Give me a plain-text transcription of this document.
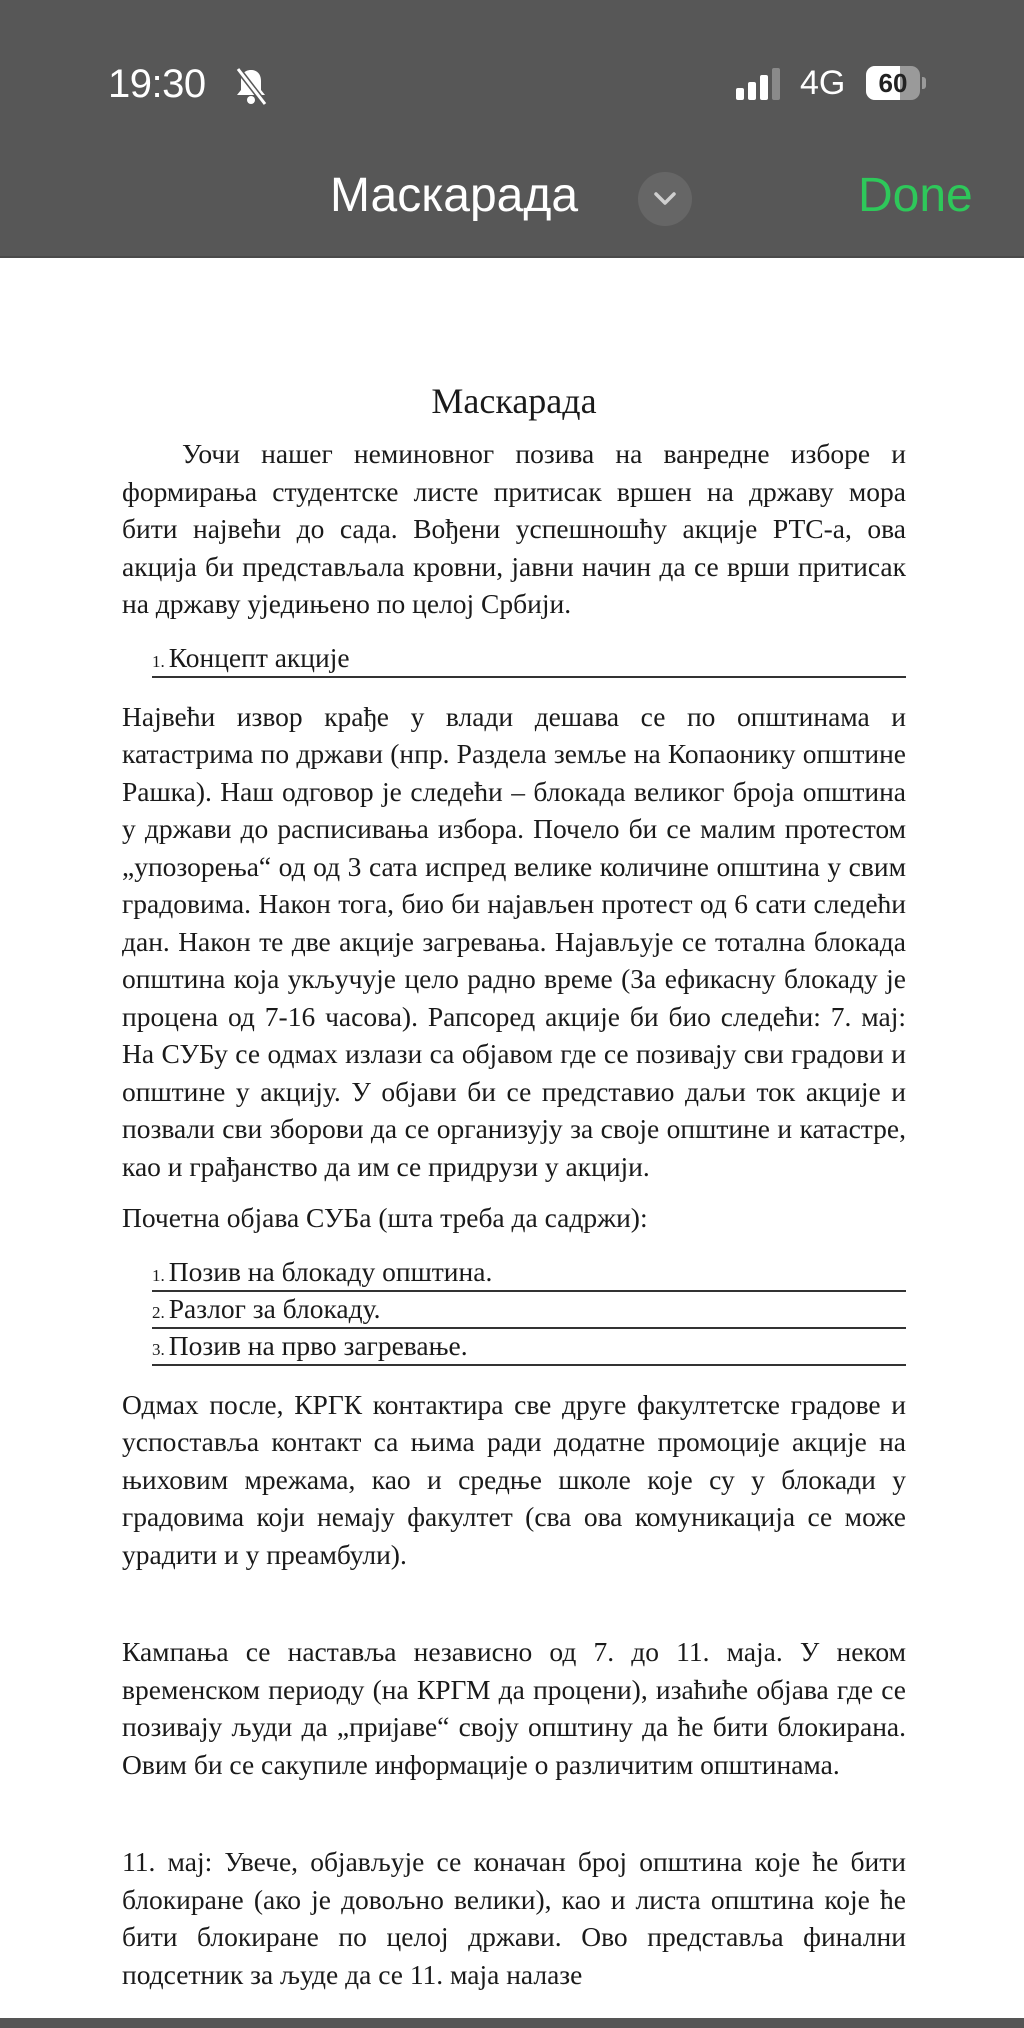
19:30	4G	60
Маскарада	Done
Маскарада

Уочи нашег неминовног позива на ванредне изборе и формирања студентске листе притисак вршен на државу мора бити највећи до сада. Вођени успешношћу акције РТС-а, ова акција би представљала кровни, јавни начин да се врши притисак на државу уједињено по целој Србији.

1. Концепт акције

Највећи извор крађе у влади дешава се по општинама и катастрима по држави (нпр. Раздела земље на Копаонику општине Рашка). Наш одговор је следећи – блокада великог броја општина у држави до расписивања избора. Почело би се малим протестом „упозорења“ од од 3 сата испред велике количине општина у свим градовима. Након тога, био би најављен протест од 6 сати следећи дан. Након те две акције загревања. Најављује се тотална блокада општина која укључује цело радно време (За ефикасну блокаду је процена од 7-16 часова). Рапсоред акције би био следећи: 7. мај: На СУБу се одмах излази са објавом где се позивају сви градови и општине у акцију. У објави би се представио даљи ток акције и позвали сви зборови да се организују за своје општине и катастре, као и грађанство да им се придрузи у акцији.

Почетна објава СУБа (шта треба да садржи):

1. Позив на блокаду општина.
2. Разлог за блокаду.
3. Позив на прво загревање.

Одмах после, КРГК контактира све друге факултетске градове и успоставља контакт са њима ради додатне промоције акције на њиховим мрежама, као и средње школе које су у блокади у градовима који немају факултет (сва ова комуникација се може урадити и у преамбули).

Кампања се наставља независно од 7. до 11. маја. У неком временском периоду (на КРГМ да процени), изаћиће објава где се позивају људи да „пријаве“ своју општину да ће бити блокирана. Овим би се сакупиле информације о различитим општинама.

11. мај: Увече, објављује се коначан број општина које ће бити блокиране (ако је довољно велики), као и листа општина које ће бити блокиране по целој држави. Ово представља финални подсетник за људе да се 11. маја налазе
